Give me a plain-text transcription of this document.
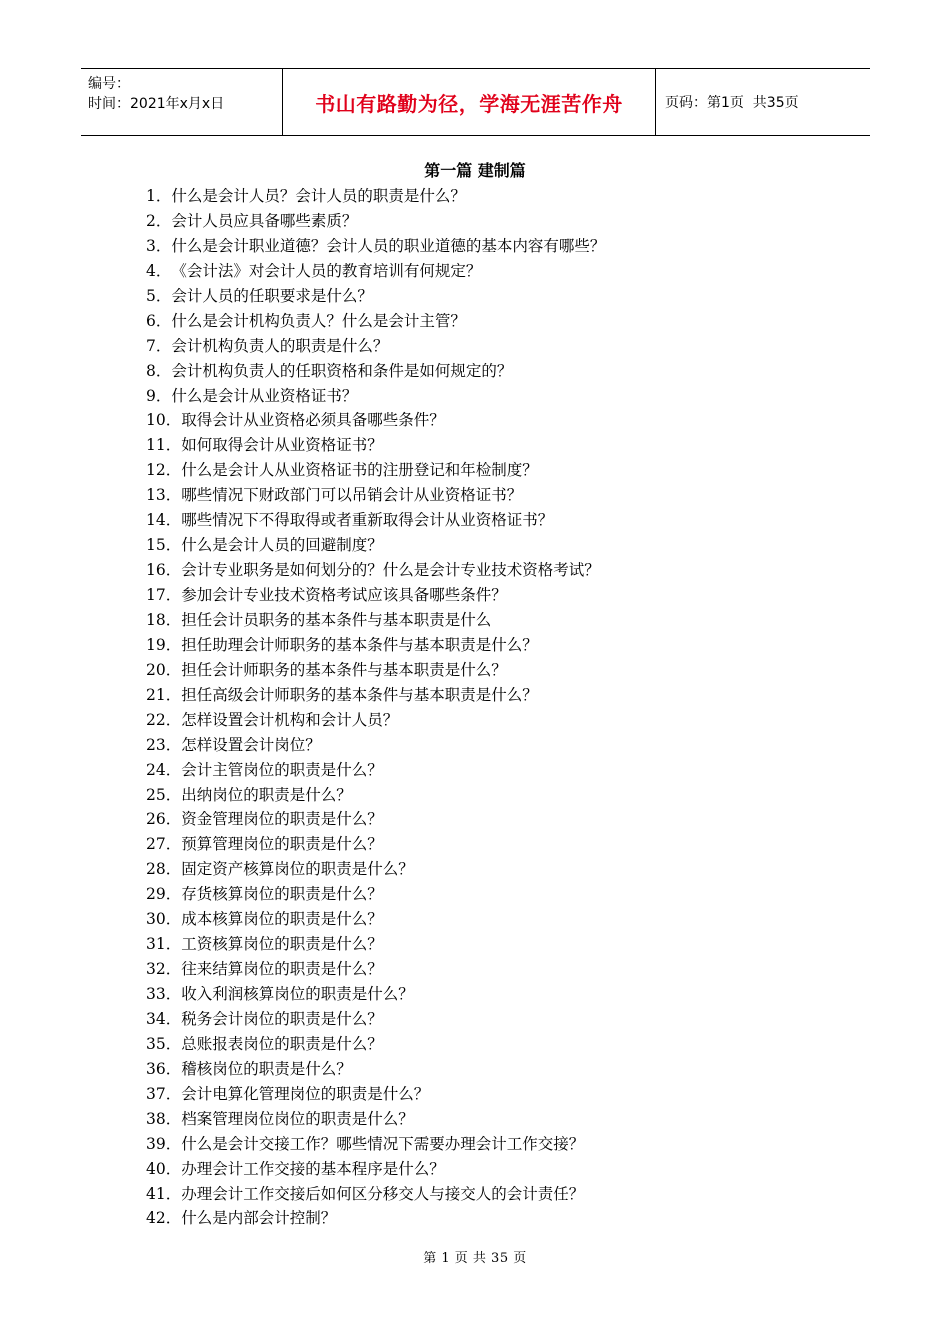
编号：
时间：2021年x月x日	书山有路勤为径，学海无涯苦作舟	页码：第1页  共35页
第一篇 建制篇
1．什么是会计人员？会计人员的职责是什么？
2．会计人员应具备哪些素质？
3．什么是会计职业道德？会计人员的职业道德的基本内容有哪些？
4．《会计法》对会计人员的教育培训有何规定？
5．会计人员的任职要求是什么？
6．什么是会计机构负责人？什么是会计主管？
7．会计机构负责人的职责是什么？
8．会计机构负责人的任职资格和条件是如何规定的？
9．什么是会计从业资格证书？
10．取得会计从业资格必须具备哪些条件？
11．如何取得会计从业资格证书？
12．什么是会计人从业资格证书的注册登记和年检制度？
13．哪些情况下财政部门可以吊销会计从业资格证书？
14．哪些情况下不得取得或者重新取得会计从业资格证书？
15．什么是会计人员的回避制度？
16．会计专业职务是如何划分的？什么是会计专业技术资格考试？
17．参加会计专业技术资格考试应该具备哪些条件？
18．担任会计员职务的基本条件与基本职责是什么
19．担任助理会计师职务的基本条件与基本职责是什么？
20．担任会计师职务的基本条件与基本职责是什么？
21．担任高级会计师职务的基本条件与基本职责是什么？
22．怎样设置会计机构和会计人员？
23．怎样设置会计岗位？
24．会计主管岗位的职责是什么？
25．出纳岗位的职责是什么？
26．资金管理岗位的职责是什么？
27．预算管理岗位的职责是什么？
28．固定资产核算岗位的职责是什么？
29．存货核算岗位的职责是什么？
30．成本核算岗位的职责是什么？
31．工资核算岗位的职责是什么？
32．往来结算岗位的职责是什么？
33．收入利润核算岗位的职责是什么？
34．税务会计岗位的职责是什么？
35．总账报表岗位的职责是什么？
36．稽核岗位的职责是什么？
37．会计电算化管理岗位的职责是什么？
38．档案管理岗位岗位的职责是什么？
39．什么是会计交接工作？哪些情况下需要办理会计工作交接？
40．办理会计工作交接的基本程序是什么？
41．办理会计工作交接后如何区分移交人与接交人的会计责任？
42．什么是内部会计控制？
第 1 页 共 35 页
